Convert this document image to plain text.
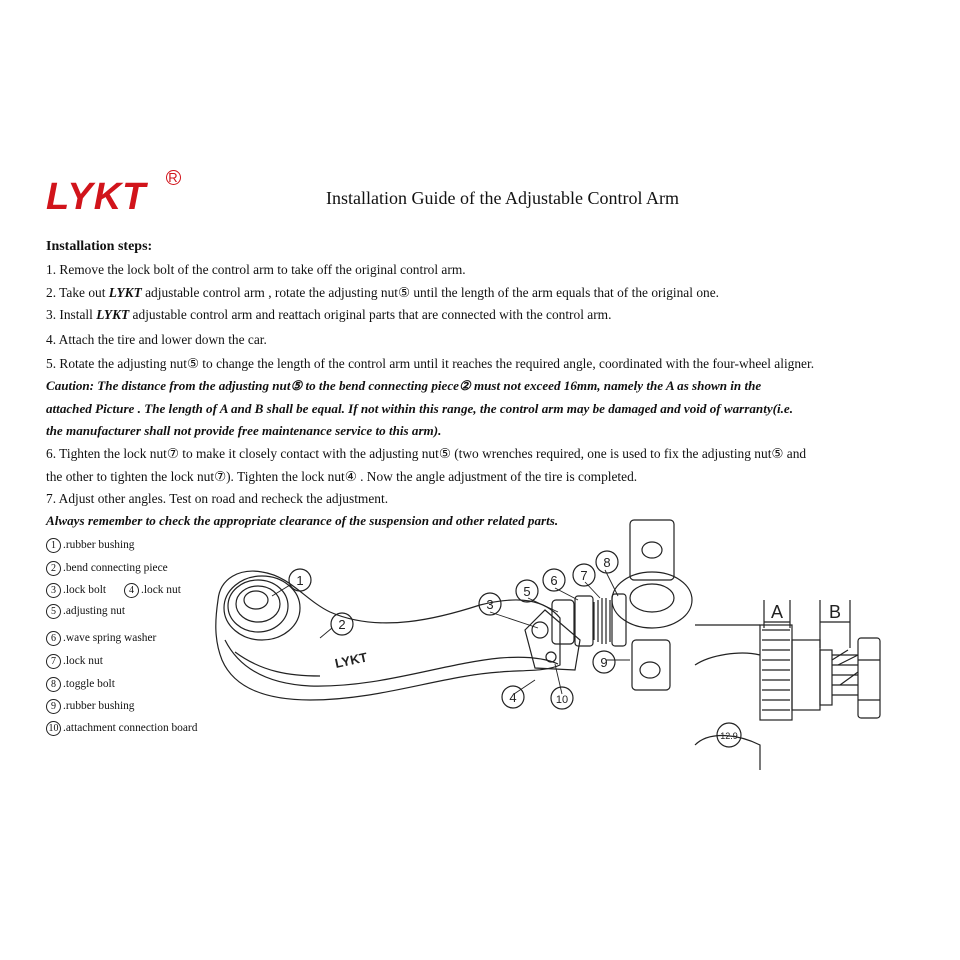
LYKT R
Installation Guide of the Adjustable Control Arm
Installation steps:
1. Remove the lock bolt of the control arm to take off the original control arm.
2. Take out LYKT adjustable control arm , rotate the adjusting nut⑤ until the length of the arm equals that of the original one.
3. Install LYKT adjustable control arm and reattach original parts that are connected with the control arm.
4. Attach the tire and lower down the car.
5. Rotate the adjusting nut⑤ to change the length of the control arm until it reaches the required angle, coordinated with the four-wheel aligner.
Caution: The distance from the adjusting nut⑤ to the bend connecting piece② must not exceed 16mm, namely the A as shown in the
attached Picture . The length of A and B shall be equal. If not within this range, the control arm may be damaged and void of warranty(i.e.
the manufacturer shall not provide free maintenance service to this arm).
6. Tighten the lock nut⑦ to make it closely contact with the adjusting nut⑤ (two wrenches required, one is used to fix the adjusting nut⑤ and
the other to tighten the lock nut⑦). Tighten the lock nut④ . Now the angle adjustment of the tire is completed.
7. Adjust other angles. Test on road and recheck the adjustment.
Always remember to check the appropriate clearance of the suspension and other related parts.
1 .rubber bushing
2 .bend connecting piece
3 .lock bolt	4 .lock nut
5 .adjusting nut
6 .wave spring washer
7 .lock nut
8 .toggle bolt
9 .rubber bushing
10 .attachment connection board
LYKT
1
2
3
4
5
6 7
8
9
10
A	B
12.9
